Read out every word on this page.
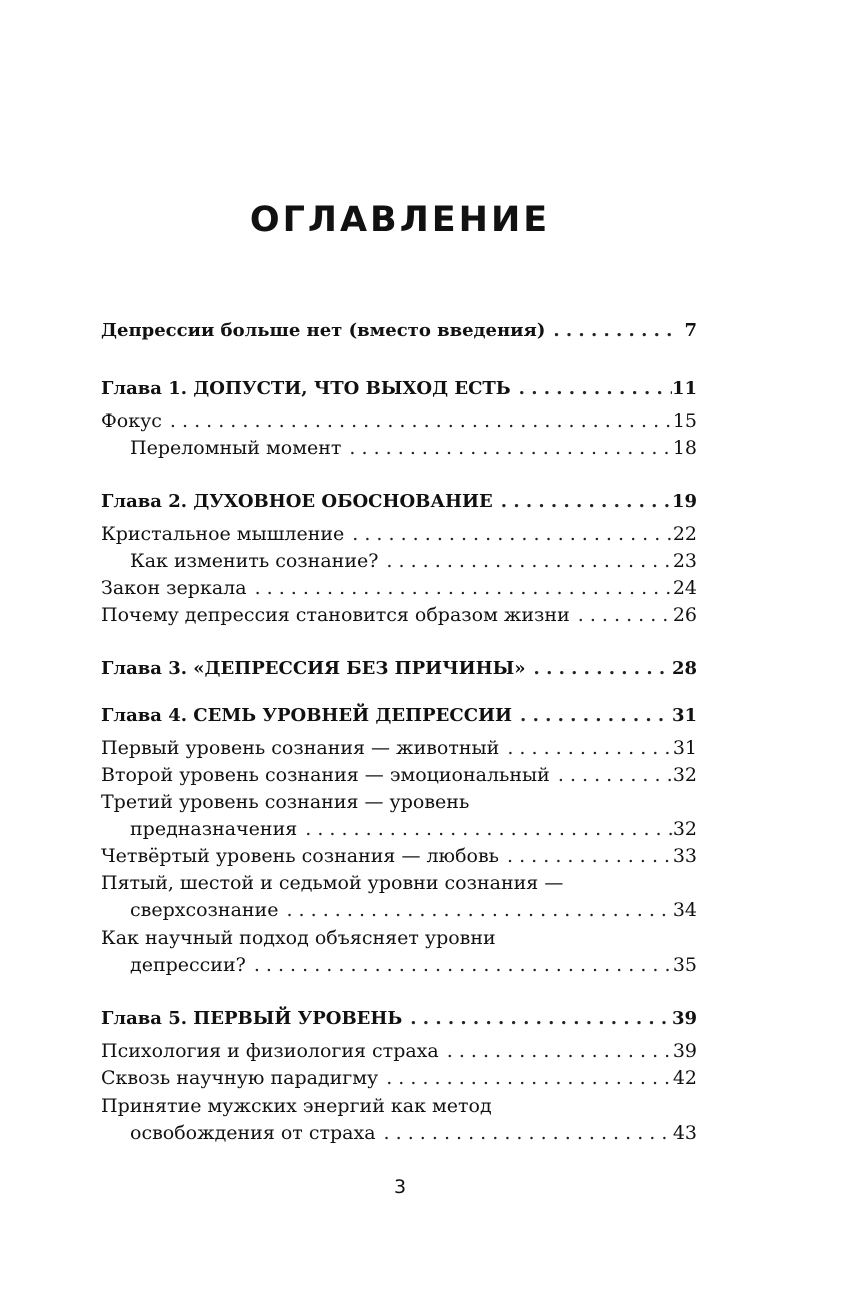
ОГЛАВЛЕНИЕ
Депрессии больше нет (вместо введения) . . .	7
Глава 1. ДОПУСТИ, ЧТО ВЫХОД ЕСТЬ . . .	11
Фокус . . .	15
Переломный момент . . .	18
Глава 2. ДУХОВНОЕ ОБОСНОВАНИЕ . . .	19
Кристальное мышление . . .	22
Как изменить сознание? . . .	23
Закон зеркала . . .	24
Почему депрессия становится образом жизни . . .	26
Глава 3. «ДЕПРЕССИЯ БЕЗ ПРИЧИНЫ» . . .	28
Глава 4. СЕМЬ УРОВНЕЙ ДЕПРЕССИИ . . .	31
Первый уровень сознания — животный . . .	31
Второй уровень сознания — эмоциональный . . .	32
Третий уровень сознания — уровень
предназначения . . .	32
Четвёртый уровень сознания — любовь . . .	33
Пятый, шестой и седьмой уровни сознания —
сверхсознание . . .	34
Как научный подход объясняет уровни
депрессии? . . .	35
Глава 5. ПЕРВЫЙ УРОВЕНЬ . . .	39
Психология и физиология страха . . .	39
Сквозь научную парадигму . . .	42
Принятие мужских энергий как метод
освобождения от страха . . .	43
3
